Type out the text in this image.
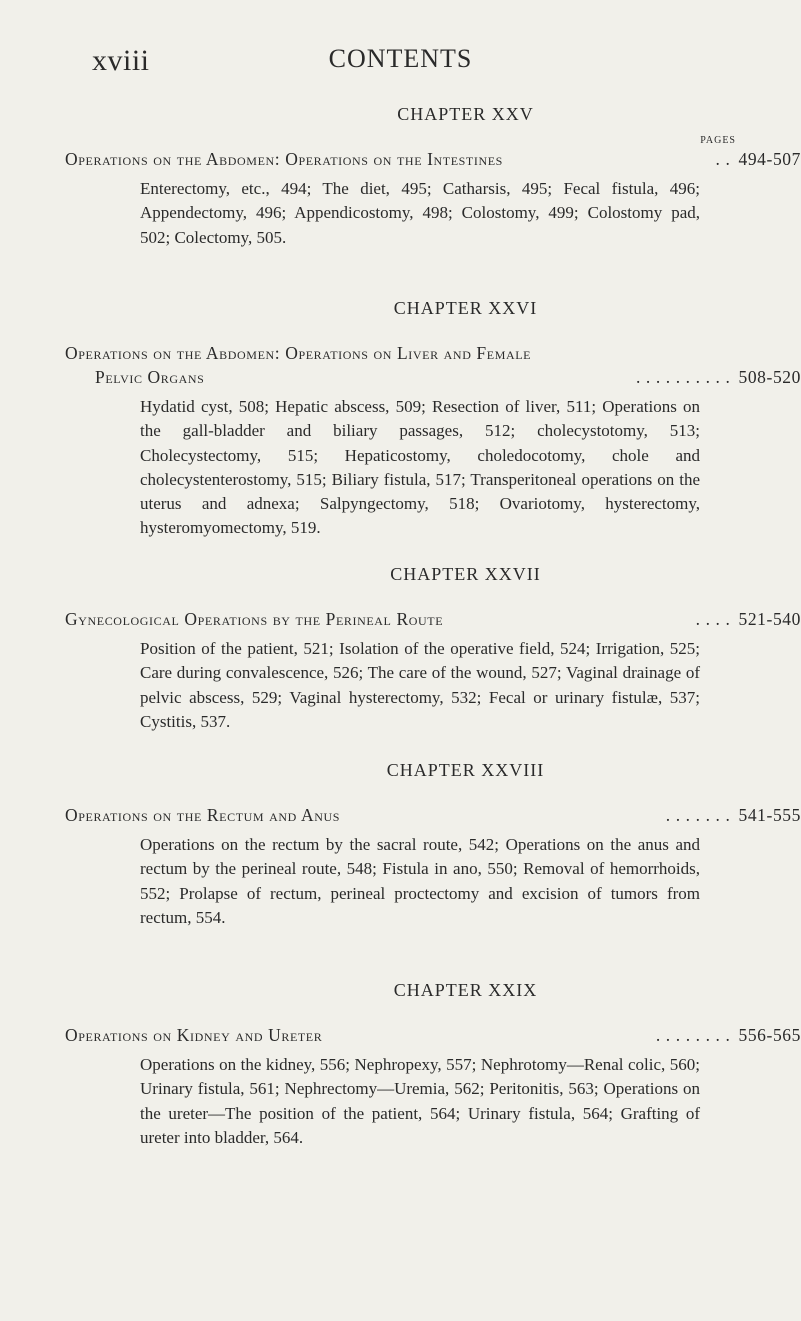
xviii	CONTENTS
PAGES
CHAPTER XXV
Operations on the Abdomen: Operations on the Intestines	. . 494-507
Enterectomy, etc., 494; The diet, 495; Catharsis, 495; Fecal fistula, 496; Appendectomy, 496; Appendicostomy, 498; Colostomy, 499; Colostomy pad, 502; Colectomy, 505.
CHAPTER XXVI
Operations on the Abdomen: Operations on Liver and Female
Pelvic Organs	. . . . . . . . . . 508-520
Hydatid cyst, 508; Hepatic abscess, 509; Resection of liver, 511; Operations on the gall-bladder and biliary passages, 512; cholecystotomy, 513; Cholecystectomy, 515; Hepaticostomy, choledocotomy, chole and cholecystenterostomy, 515; Biliary fistula, 517; Transperitoneal operations on the uterus and adnexa; Salpyngectomy, 518; Ovariotomy, hysterectomy, hysteromyomectomy, 519.
CHAPTER XXVII
Gynecological Operations by the Perineal Route	. . . . 521-540
Position of the patient, 521; Isolation of the operative field, 524; Irrigation, 525; Care during convalescence, 526; The care of the wound, 527; Vaginal drainage of pelvic abscess, 529; Vaginal hysterectomy, 532; Fecal or urinary fistulæ, 537; Cystitis, 537.
CHAPTER XXVIII
Operations on the Rectum and Anus	. . . . . . . 541-555
Operations on the rectum by the sacral route, 542; Operations on the anus and rectum by the perineal route, 548; Fistula in ano, 550; Removal of hemorrhoids, 552; Prolapse of rectum, perineal proctectomy and excision of tumors from rectum, 554.
CHAPTER XXIX
Operations on Kidney and Ureter	. . . . . . . . 556-565
Operations on the kidney, 556; Nephropexy, 557; Nephrotomy—Renal colic, 560; Urinary fistula, 561; Nephrectomy—Uremia, 562; Peritonitis, 563; Operations on the ureter—The position of the patient, 564; Urinary fistula, 564; Grafting of ureter into bladder, 564.
